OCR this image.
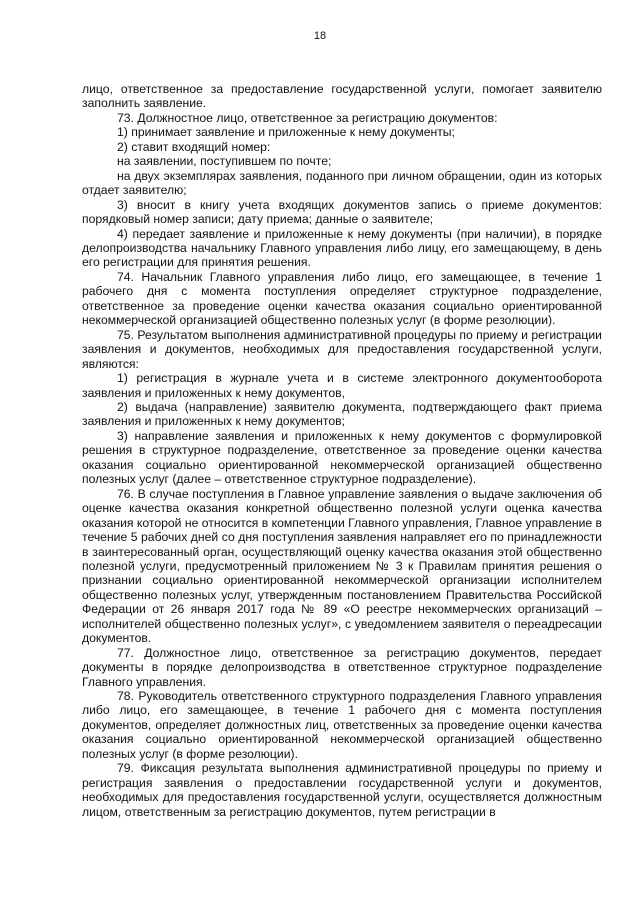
18

лицо, ответственное за предоставление государственной услуги, помогает заявителю заполнить заявление.

73. Должностное лицо, ответственное за регистрацию документов:

1) принимает заявление и приложенные к нему документы;

2) ставит входящий номер:

на заявлении, поступившем по почте;

на двух экземплярах заявления, поданного при личном обращении, один из которых отдает заявителю;

3) вносит в книгу учета входящих документов запись о приеме документов: порядковый номер записи; дату приема; данные о заявителе;

4) передает заявление и приложенные к нему документы (при наличии), в порядке делопроизводства начальнику Главного управления либо лицу, его замещающему, в день его регистрации для принятия решения.

74. Начальник Главного управления либо лицо, его замещающее, в течение 1 рабочего дня с момента поступления определяет структурное подразделение, ответственное за проведение оценки качества оказания социально ориентированной некоммерческой организацией общественно полезных услуг (в форме резолюции).

75. Результатом выполнения административной процедуры по приему и регистрации заявления и документов, необходимых для предоставления государственной услуги, являются:

1) регистрация в журнале учета и в системе электронного документооборота заявления и приложенных к нему документов,

2) выдача (направление) заявителю документа, подтверждающего факт приема заявления и приложенных к нему документов;

3) направление заявления и приложенных к нему документов с формулировкой решения в структурное подразделение, ответственное за проведение оценки качества оказания социально ориентированной некоммерческой организацией общественно полезных услуг (далее – ответственное структурное подразделение).

76. В случае поступления в Главное управление заявления о выдаче заключения об оценке качества оказания конкретной общественно полезной услуги оценка качества оказания которой не относится в компетенции Главного управления, Главное управление в течение 5 рабочих дней со дня поступления заявления направляет его по принадлежности в заинтересованный орган, осуществляющий оценку качества оказания этой общественно полезной услуги, предусмотренный приложением № 3 к Правилам принятия решения о признании социально ориентированной некоммерческой организации исполнителем общественно полезных услуг, утвержденным постановлением Правительства Российской Федерации от 26 января 2017 года № 89 «О реестре некоммерческих организаций – исполнителей общественно полезных услуг», с уведомлением заявителя о переадресации документов.

77. Должностное лицо, ответственное за регистрацию документов, передает документы в порядке делопроизводства в ответственное структурное подразделение Главного управления.

78. Руководитель ответственного структурного подразделения Главного управления либо лицо, его замещающее, в течение 1 рабочего дня с момента поступления документов, определяет должностных лиц, ответственных за проведение оценки качества оказания социально ориентированной некоммерческой организацией общественно полезных услуг (в форме резолюции).

79. Фиксация результата выполнения административной процедуры по приему и регистрация заявления о предоставлении государственной услуги и документов, необходимых для предоставления государственной услуги, осуществляется должностным лицом, ответственным за регистрацию документов, путем регистрации в
